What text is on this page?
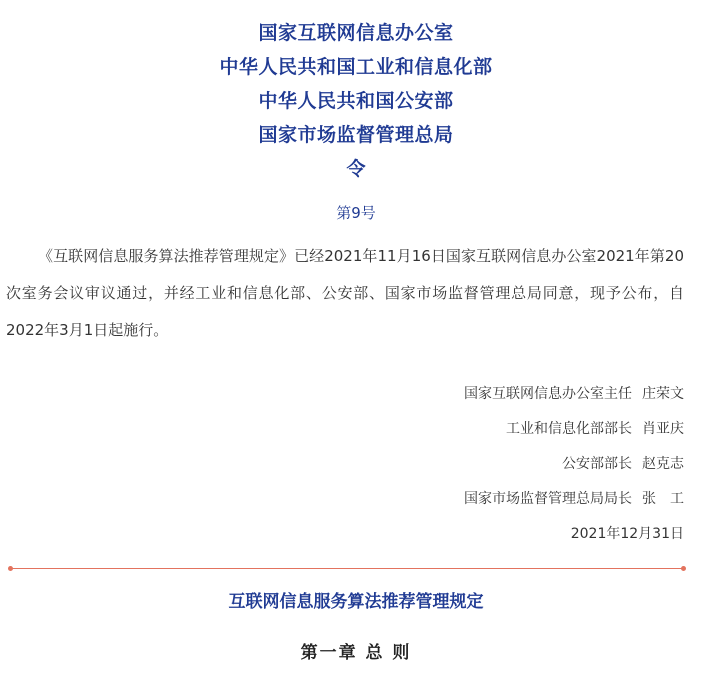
国家互联网信息办公室
中华人民共和国工业和信息化部
中华人民共和国公安部
国家市场监督管理总局
令
第9号
《互联网信息服务算法推荐管理规定》已经2021年11月16日国家互联网信息办公室2021年第20次室务会议审议通过，并经工业和信息化部、公安部、国家市场监督管理总局同意，现予公布，自2022年3月1日起施行。
国家互联网信息办公室主任 庄荣文
工业和信息化部部长 肖亚庆
公安部部长 赵克志
国家市场监督管理总局局长 张　工
2021年12月31日
互联网信息服务算法推荐管理规定
第一章 总 则
